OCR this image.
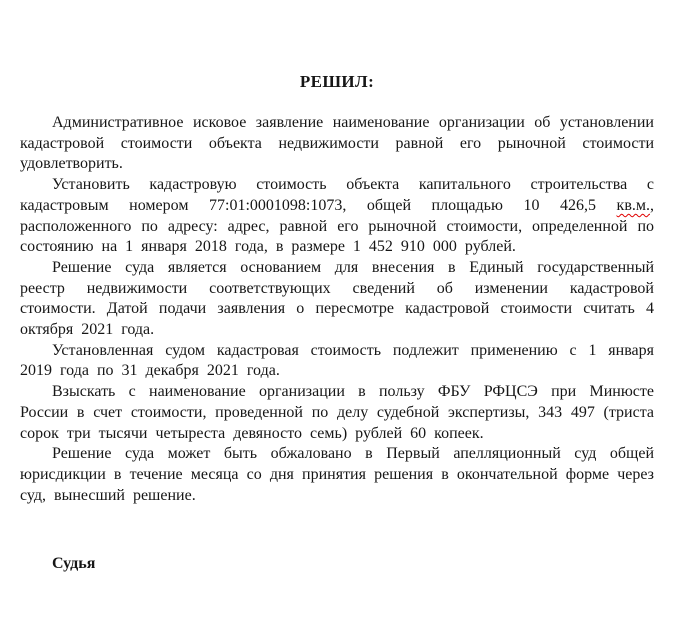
РЕШИЛ:

Административное исковое заявление наименование организации об установлении кадастровой стоимости объекта недвижимости равной его рыночной стоимости удовлетворить.

Установить кадастровую стоимость объекта капитального строительства с кадастровым номером 77:01:0001098:1073, общей площадью 10 426,5 кв.м., расположенного по адресу: адрес, равной его рыночной стоимости, определенной по состоянию на 1 января 2018 года, в размере 1 452 910 000 рублей.

Решение суда является основанием для внесения в Единый государственный реестр недвижимости соответствующих сведений об изменении кадастровой стоимости. Датой подачи заявления о пересмотре кадастровой стоимости считать 4 октября 2021 года.

Установленная судом кадастровая стоимость подлежит применению с 1 января 2019 года по 31 декабря 2021 года.

Взыскать с наименование организации в пользу ФБУ РФЦСЭ при Минюсте России в счет стоимости, проведенной по делу судебной экспертизы, 343 497 (триста сорок три тысячи четыреста девяносто семь) рублей 60 копеек.

Решение суда может быть обжаловано в Первый апелляционный суд общей юрисдикции в течение месяца со дня принятия решения в окончательной форме через суд, вынесший решение.

Судья
